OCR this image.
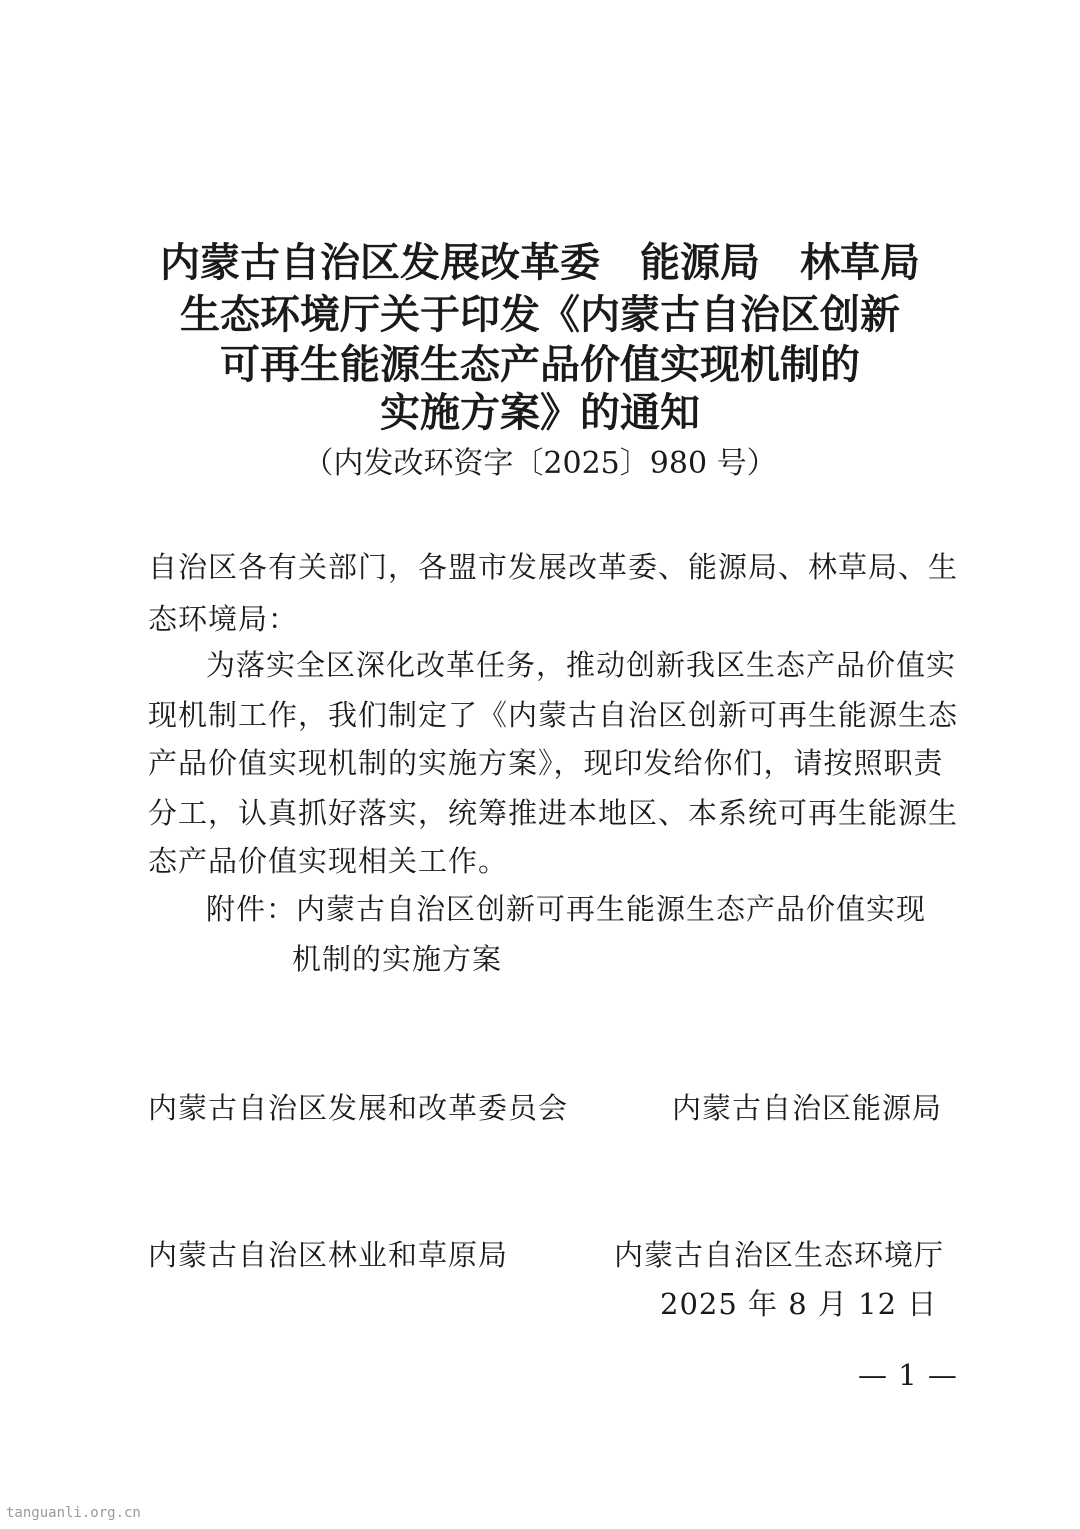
内蒙古自治区发展改革委　能源局　林草局
生态环境厅关于印发《内蒙古自治区创新
可再生能源生态产品价值实现机制的
实施方案》的通知
（内发改环资字〔2025〕980 号）
自治区各有关部门，各盟市发展改革委、能源局、林草局、生
态环境局：
为落实全区深化改革任务，推动创新我区生态产品价值实
现机制工作，我们制定了《内蒙古自治区创新可再生能源生态
产品价值实现机制的实施方案》，现印发给你们，请按照职责
分工，认真抓好落实，统筹推进本地区、本系统可再生能源生
态产品价值实现相关工作。
附件：内蒙古自治区创新可再生能源生态产品价值实现
机制的实施方案
内蒙古自治区发展和改革委员会	内蒙古自治区能源局
内蒙古自治区林业和草原局	内蒙古自治区生态环境厅
2025 年 8 月 12 日
— 1 —
tanguanli.org.cn
